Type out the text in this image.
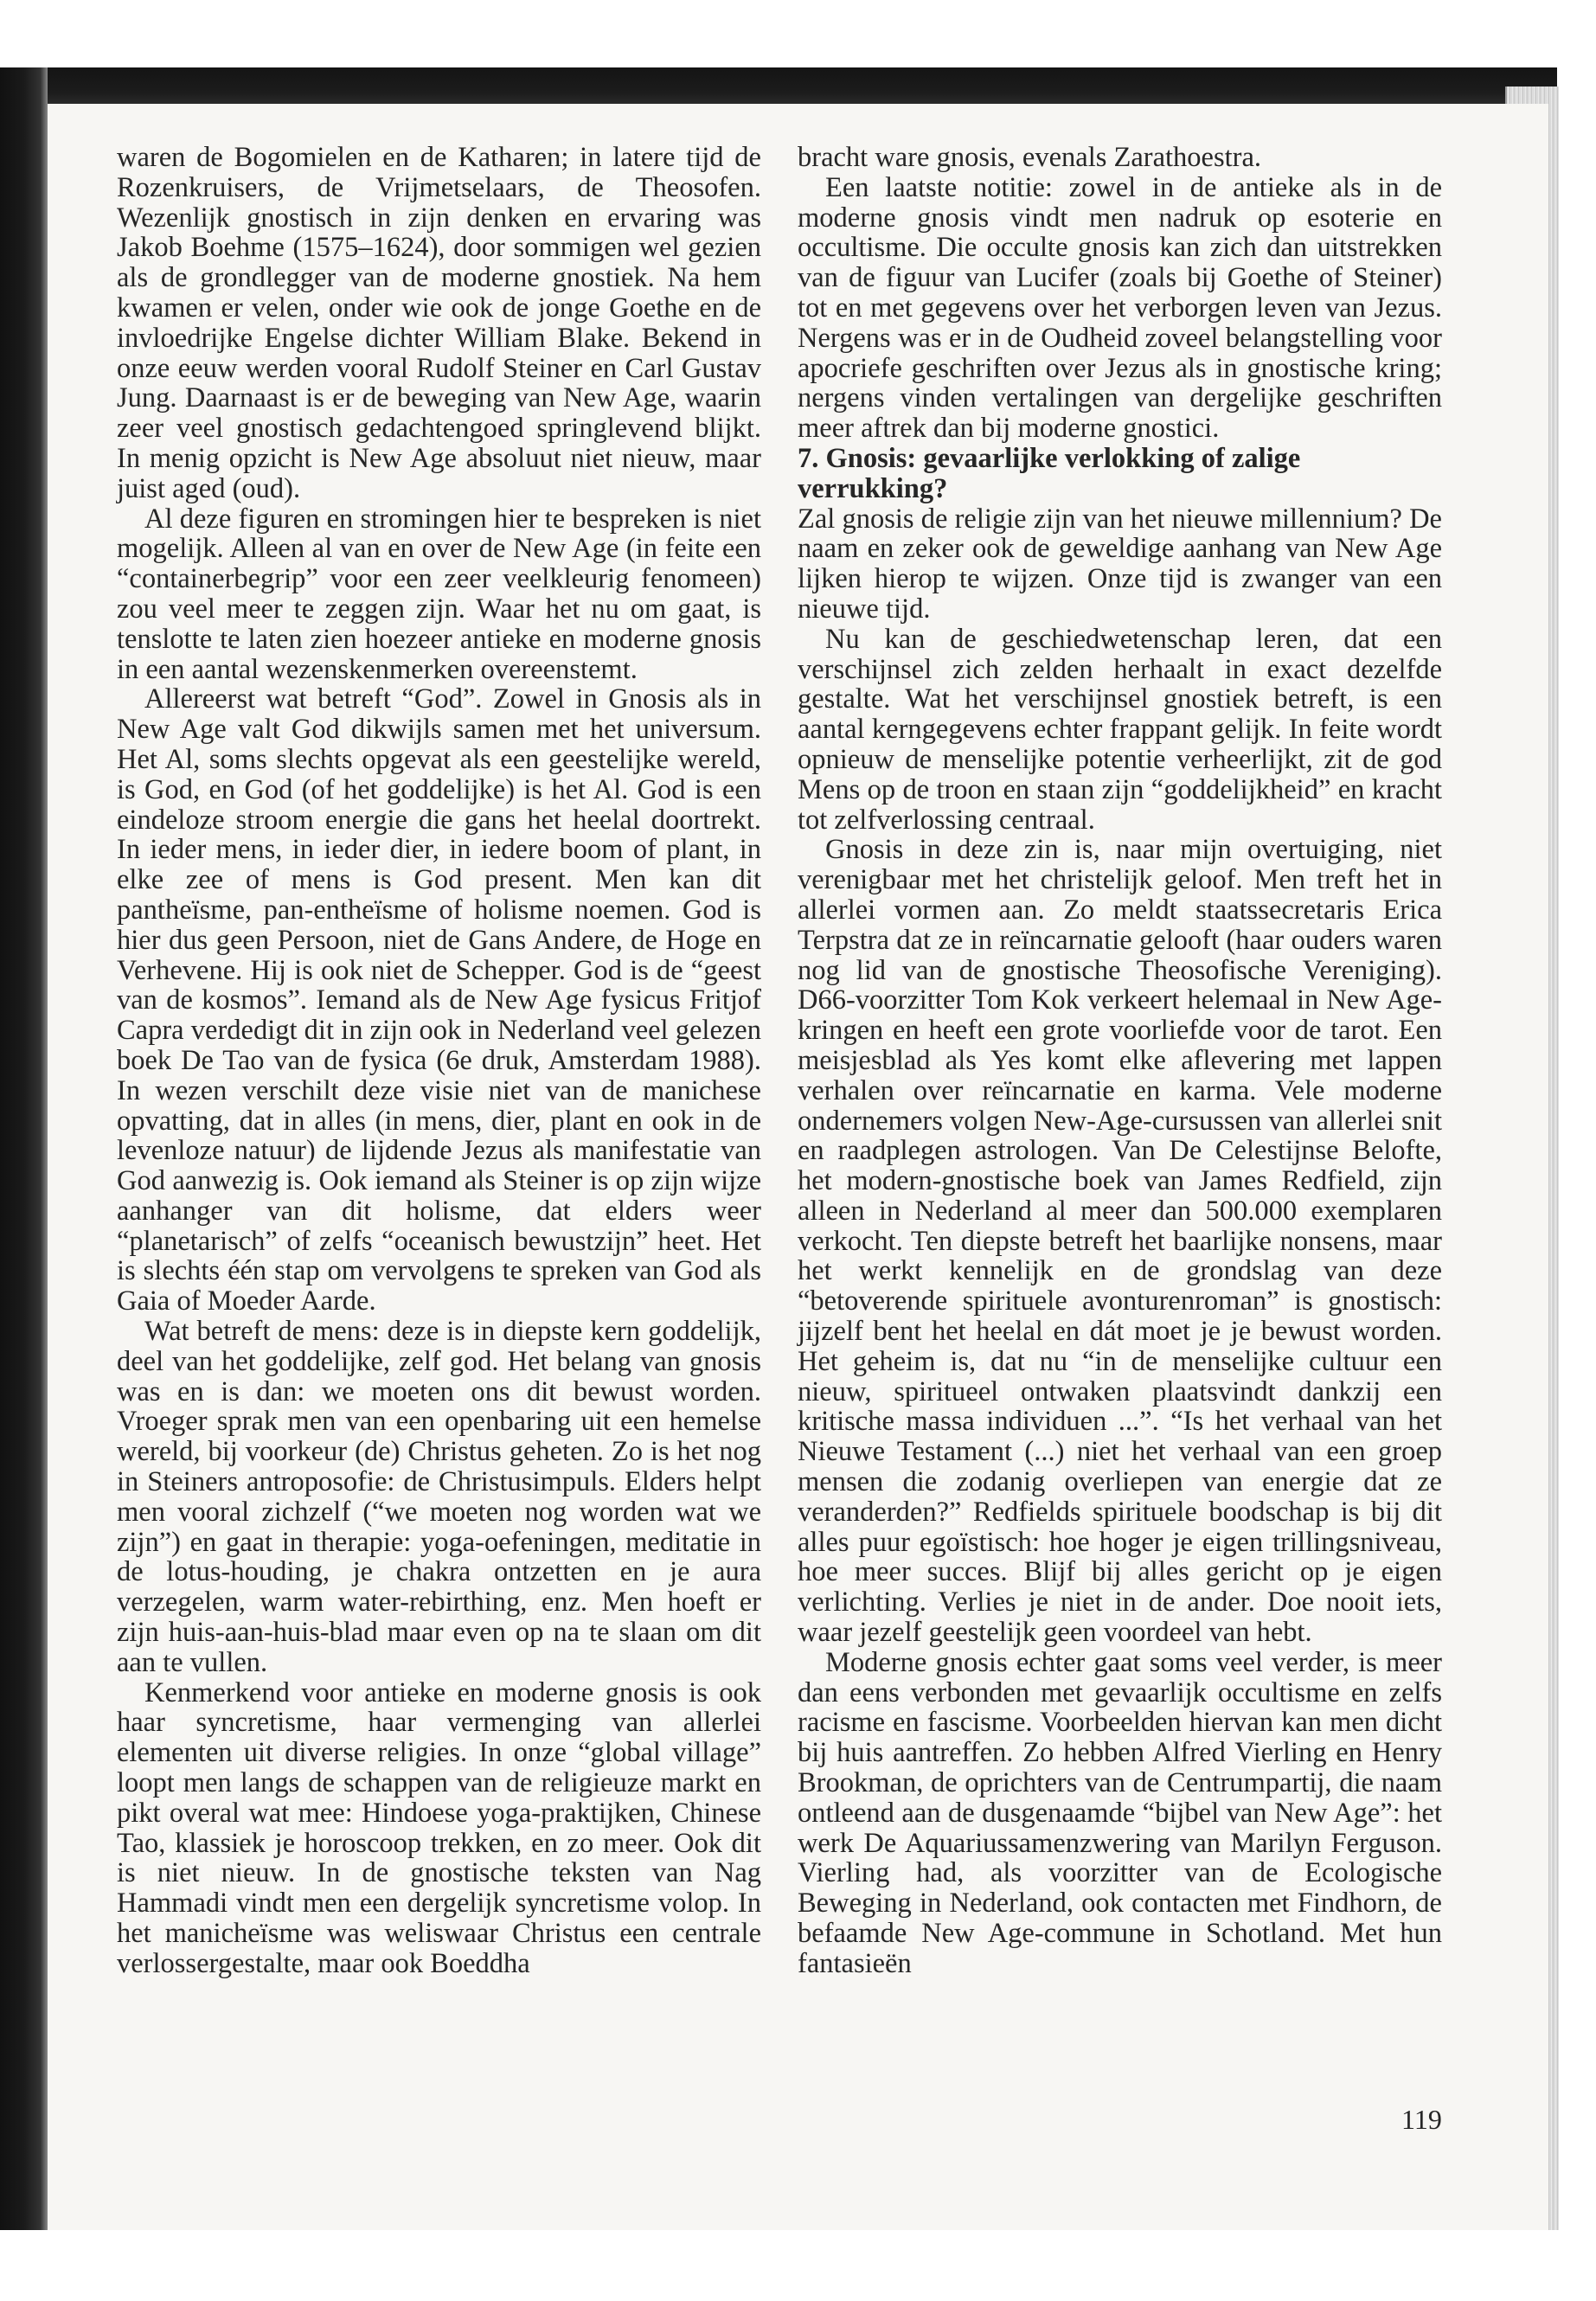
waren de Bogomielen en de Katharen; in latere tijd de Rozenkruisers, de Vrijmetselaars, de Theosofen. Wezenlijk gnostisch in zijn denken en ervaring was Jakob Boehme (1575–1624), door sommigen wel gezien als de grondlegger van de moderne gnostiek. Na hem kwamen er velen, onder wie ook de jonge Goethe en de invloedrijke Engelse dichter William Blake. Bekend in onze eeuw werden vooral Rudolf Steiner en Carl Gustav Jung. Daarnaast is er de beweging van New Age, waarin zeer veel gnostisch gedachtengoed springlevend blijkt. In menig opzicht is New Age absoluut niet nieuw, maar juist aged (oud).

Al deze figuren en stromingen hier te bespreken is niet mogelijk. Alleen al van en over de New Age (in feite een “containerbegrip” voor een zeer veelkleurig fenomeen) zou veel meer te zeggen zijn. Waar het nu om gaat, is tenslotte te laten zien hoezeer antieke en moderne gnosis in een aantal wezenskenmerken overeenstemt.

Allereerst wat betreft “God”. Zowel in Gnosis als in New Age valt God dikwijls samen met het universum. Het Al, soms slechts opgevat als een geestelijke wereld, is God, en God (of het goddelijke) is het Al. God is een eindeloze stroom energie die gans het heelal doortrekt. In ieder mens, in ieder dier, in iedere boom of plant, in elke zee of mens is God present. Men kan dit pantheïsme, pan-entheïsme of holisme noemen. God is hier dus geen Persoon, niet de Gans Andere, de Hoge en Verhevene. Hij is ook niet de Schepper. God is de “geest van de kosmos”. Iemand als de New Age fysicus Fritjof Capra verdedigt dit in zijn ook in Nederland veel gelezen boek De Tao van de fysica (6e druk, Amsterdam 1988). In wezen verschilt deze visie niet van de manichese opvatting, dat in alles (in mens, dier, plant en ook in de levenloze natuur) de lijdende Jezus als manifestatie van God aanwezig is. Ook iemand als Steiner is op zijn wijze aanhanger van dit holisme, dat elders weer “planetarisch” of zelfs “oceanisch bewustzijn” heet. Het is slechts één stap om vervolgens te spreken van God als Gaia of Moeder Aarde.

Wat betreft de mens: deze is in diepste kern goddelijk, deel van het goddelijke, zelf god. Het belang van gnosis was en is dan: we moeten ons dit bewust worden. Vroeger sprak men van een openbaring uit een hemelse wereld, bij voorkeur (de) Christus geheten. Zo is het nog in Steiners antroposofie: de Christusimpuls. Elders helpt men vooral zichzelf (“we moeten nog worden wat we zijn”) en gaat in therapie: yoga-oefeningen, meditatie in de lotus-houding, je chakra ontzetten en je aura verzegelen, warm water-rebirthing, enz. Men hoeft er zijn huis-aan-huis-blad maar even op na te slaan om dit aan te vullen.

Kenmerkend voor antieke en moderne gnosis is ook haar syncretisme, haar vermenging van allerlei elementen uit diverse religies. In onze “global village” loopt men langs de schappen van de religieuze markt en pikt overal wat mee: Hindoese yoga-praktijken, Chinese Tao, klassiek je horoscoop trekken, en zo meer. Ook dit is niet nieuw. In de gnostische teksten van Nag Hammadi vindt men een dergelijk syncretisme volop. In het manicheïsme was weliswaar Christus een centrale verlossergestalte, maar ook Boeddha

bracht ware gnosis, evenals Zarathoestra.

Een laatste notitie: zowel in de antieke als in de moderne gnosis vindt men nadruk op esoterie en occultisme. Die occulte gnosis kan zich dan uitstrekken van de figuur van Lucifer (zoals bij Goethe of Steiner) tot en met gegevens over het verborgen leven van Jezus. Nergens was er in de Oudheid zoveel belangstelling voor apocriefe geschriften over Jezus als in gnostische kring; nergens vinden vertalingen van dergelijke geschriften meer aftrek dan bij moderne gnostici.

7. Gnosis: gevaarlijke verlokking of zalige verrukking?

Zal gnosis de religie zijn van het nieuwe millennium? De naam en zeker ook de geweldige aanhang van New Age lijken hierop te wijzen. Onze tijd is zwanger van een nieuwe tijd.

Nu kan de geschiedwetenschap leren, dat een verschijnsel zich zelden herhaalt in exact dezelfde gestalte. Wat het verschijnsel gnostiek betreft, is een aantal kerngegevens echter frappant gelijk. In feite wordt opnieuw de menselijke potentie verheerlijkt, zit de god Mens op de troon en staan zijn “goddelijkheid” en kracht tot zelfverlossing centraal.

Gnosis in deze zin is, naar mijn overtuiging, niet verenigbaar met het christelijk geloof. Men treft het in allerlei vormen aan. Zo meldt staatssecretaris Erica Terpstra dat ze in reïncarnatie gelooft (haar ouders waren nog lid van de gnostische Theosofische Vereniging). D66-voorzitter Tom Kok verkeert helemaal in New Age-kringen en heeft een grote voorliefde voor de tarot. Een meisjesblad als Yes komt elke aflevering met lappen verhalen over reïncarnatie en karma. Vele moderne ondernemers volgen New-Age-cursussen van allerlei snit en raadplegen astrologen. Van De Celestijnse Belofte, het modern-gnostische boek van James Redfield, zijn alleen in Nederland al meer dan 500.000 exemplaren verkocht. Ten diepste betreft het baarlijke nonsens, maar het werkt kennelijk en de grondslag van deze “betoverende spirituele avonturenroman” is gnostisch: jijzelf bent het heelal en dát moet je je bewust worden. Het geheim is, dat nu “in de menselijke cultuur een nieuw, spiritueel ontwaken plaatsvindt dankzij een kritische massa individuen ...”. “Is het verhaal van het Nieuwe Testament (...) niet het verhaal van een groep mensen die zodanig overliepen van energie dat ze veranderden?” Redfields spirituele boodschap is bij dit alles puur egoïstisch: hoe hoger je eigen trillingsniveau, hoe meer succes. Blijf bij alles gericht op je eigen verlichting. Verlies je niet in de ander. Doe nooit iets, waar jezelf geestelijk geen voordeel van hebt.

Moderne gnosis echter gaat soms veel verder, is meer dan eens verbonden met gevaarlijk occultisme en zelfs racisme en fascisme. Voorbeelden hiervan kan men dicht bij huis aantreffen. Zo hebben Alfred Vierling en Henry Brookman, de oprichters van de Centrumpartij, die naam ontleend aan de dusgenaamde “bijbel van New Age”: het werk De Aquariussamenzwering van Marilyn Ferguson. Vierling had, als voorzitter van de Ecologische Beweging in Nederland, ook contacten met Findhorn, de befaamde New Age-commune in Schotland. Met hun fantasieën

119
